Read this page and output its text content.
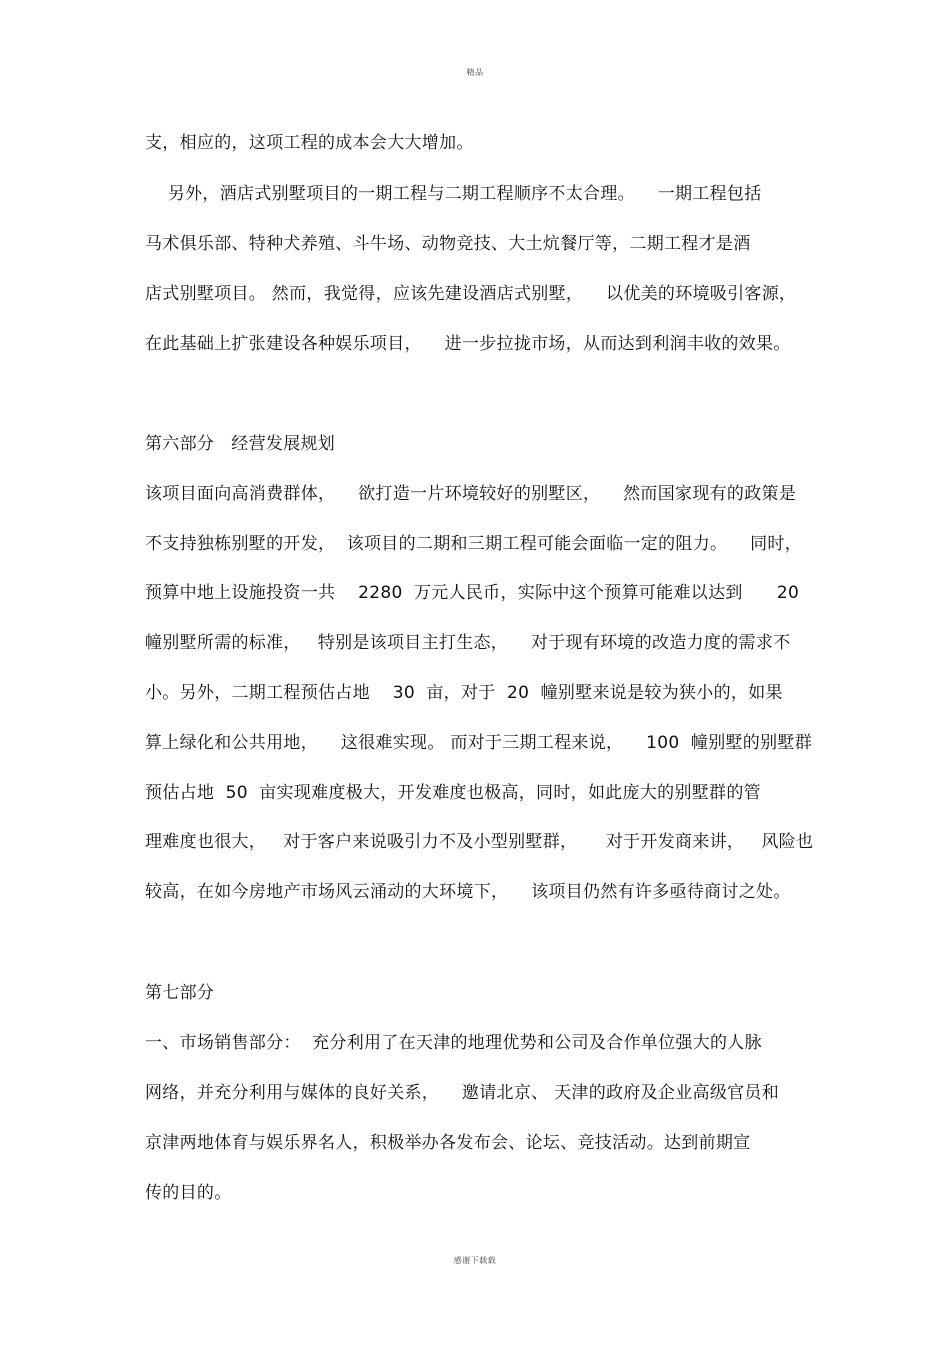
精品
支，相应的，这项工程的成本会大大增加。
另外，酒店式别墅项目的一期工程与二期工程顺序不太合理。    一期工程包括
马术俱乐部、特种犬养殖、斗牛场、动物竞技、大土炕餐厅等，二期工程才是酒
店式别墅项目。 然而，我觉得，应该先建设酒店式别墅，    以优美的环境吸引客源，
在此基础上扩张建设各种娱乐项目，    进一步拉拢市场，从而达到利润丰收的效果。
第六部分   经营发展规划
该项目面向高消费群体，    欲打造一片环境较好的别墅区，    然而国家现有的政策是
不支持独栋别墅的开发，  该项目的二期和三期工程可能会面临一定的阻力。    同时，
预算中地上设施投资一共    2280  万元人民币，实际中这个预算可能难以达到      20
幢别墅所需的标准，   特别是该项目主打生态，    对于现有环境的改造力度的需求不
小。另外，二期工程预估占地    30  亩，对于  20  幢别墅来说是较为狭小的，如果
算上绿化和公共用地，    这很难实现。 而对于三期工程来说，    100  幢别墅的别墅群
预估占地  50  亩实现难度极大，开发难度也极高，同时，如此庞大的别墅群的管
理难度也很大，   对于客户来说吸引力不及小型别墅群，     对于开发商来讲，   风险也
较高，在如今房地产市场风云涌动的大环境下，    该项目仍然有许多亟待商讨之处。
第七部分
一、市场销售部分：  充分利用了在天津的地理优势和公司及合作单位强大的人脉
网络，并充分利用与媒体的良好关系，    邀请北京、 天津的政府及企业高级官员和
京津两地体育与娱乐界名人，积极举办各发布会、论坛、竞技活动。达到前期宣
传的目的。
感谢下载载
